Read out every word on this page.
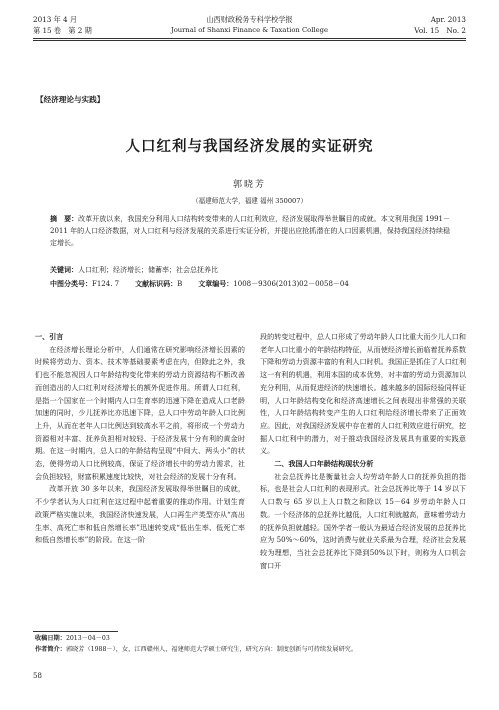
2013 年 4 月
第 15 卷　第 2 期
山西财政税务专科学校学报
Journal of Shanxi Finance & Taxation College
Apr. 2013
Vol. 15　No. 2
【经济理论与实践】
人口红利与我国经济发展的实证研究
郭晓芳
（福建师范大学，福建 福州 350007）
摘　要：改革开放以来，我国充分利用人口结构转变带来的人口红利效应，经济发展取得举世瞩目的成就。本文利用我国 1991－2011 年的人口经济数据，对人口红利与经济发展的关系进行实证分析，并提出应抢抓潜在的人口因素机遇，保持我国经济持续稳定增长。
关键词：人口红利；经济增长；储蓄率；社会总抚养比
中图分类号：F124. 7 文献标识码：B 文章编号：1008－9306(2013)02－0058－04
一、引言

在经济增长理论分析中，人们通常在研究影响经济增长因素的时候将劳动力、资本、技术等基础要素考虑在内，但除此之外，我们也不能忽视因人口年龄结构变化带来的劳动力资源结构不断改善而创造出的人口红利对经济增长的额外促进作用。所谓人口红利，是指一个国家在一个时期内人口生育率的迅速下降在造成人口老龄加速的同时，少儿抚养比亦迅速下降，总人口中劳动年龄人口比例上升，从而在老年人口比例达到较高水平之前，将形成一个劳动力资源相对丰富、抚养负担相对较轻、于经济发展十分有利的黄金时期。在这一时期内，总人口的年龄结构呈现“中间大、两头小”的状态，使得劳动人口比例较高，保证了经济增长中的劳动力需求，社会负担较轻，财富积累速度比较快，对社会经济的发展十分有利。

改革开放 30 多年以来，我国经济发展取得举世瞩目的成就，不少学者认为人口红利在这过程中起着重要的推动作用。计划生育政策严格实施以来，我国经济快速发展，人口再生产类型亦从“高出生率、高死亡率和低自然增长率”迅速转变成“低出生率、低死亡率和低自然增长率”的阶段。在这一阶

段的转变过程中，总人口形成了劳动年龄人口比重大而少儿人口和老年人口比重小的年龄结构特征，从而使经济增长面临着抚养系数下降和劳动力资源丰富的有利人口时机。我国正是抓住了人口红利这一有利的机遇，利用本国的成本优势，对丰富的劳动力资源加以充分利用，从而促进经济的快速增长。越来越多的国际经验同样证明，人口年龄结构变化和经济高速增长之间表现出非常强的关联性，人口年龄结构转变产生的人口红利给经济增长带来了正面效应。因此，对我国经济发展中存在着的人口红利效应进行研究，挖掘人口红利中的潜力，对于推动我国经济发展具有重要的实践意义。

二、我国人口年龄结构现状分析

社会总抚养比是衡量社会人均劳动年龄人口的抚养负担的指标，也是社会人口红利的表现形式。社会总抚养比等于 14 岁以下人口数与 65 岁以上人口数之和除以 15－64 岁劳动年龄人口数。一个经济体的总抚养比越低，人口红利就越高，意味着劳动力的抚养负担就越轻。国外学者一般认为最适合经济发展的总抚养比应为 50%～60%，这时消费与就业关系最为合理，经济社会发展较为理想，当社会总抚养比下降到50%以下时，则称为人口机会窗口开

收稿日期：2013－04－03
作者简介：郭晓芳（1988－），女，江西赣州人，福建师范大学硕士研究生，研究方向：制度创新与可持续发展研究。
58
